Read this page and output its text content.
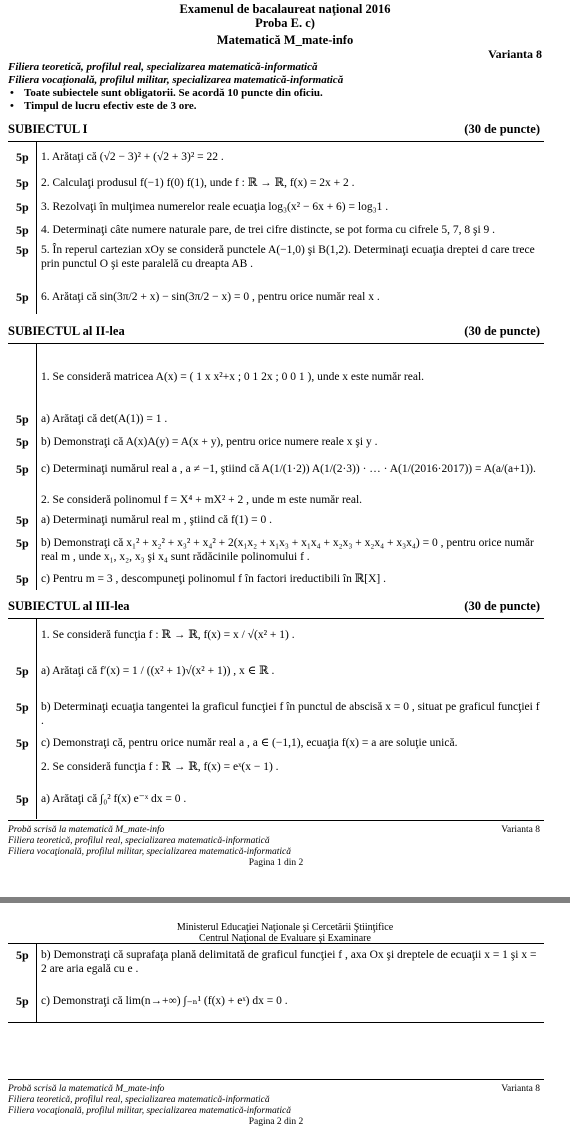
Examenul de bacalaureat naţional 2016
Proba E. c)
Matematică M_mate-info
Varianta 8
Filiera teoretică, profilul real, specializarea matematică-informatică
Filiera vocaţională, profilul militar, specializarea matematică-informatică
• Toate subiectele sunt obligatorii. Se acordă 10 puncte din oficiu.
• Timpul de lucru efectiv este de 3 ore.
SUBIECTUL I	(30 de puncte)
5p 1. Arătaţi că (√2 − 3)² + (√2 + 3)² = 22 .
5p 2. Calculaţi produsul f(−1) f(0) f(1), unde f : ℝ → ℝ, f(x) = 2x + 2 .
5p 3. Rezolvaţi în mulţimea numerelor reale ecuaţia log₃(x² − 6x + 6) = log₃1 .
5p 4. Determinaţi câte numere naturale pare, de trei cifre distincte, se pot forma cu cifrele 5, 7, 8 şi 9 .
5p 5. În reperul cartezian xOy se consideră punctele A(−1,0) şi B(1,2). Determinaţi ecuaţia dreptei d care trece prin punctul O şi este paralelă cu dreapta AB .
5p 6. Arătaţi că sin(3π/2 + x) − sin(3π/2 − x) = 0 , pentru orice număr real x .
SUBIECTUL al II-lea	(30 de puncte)
1. Se consideră matricea A(x) = ( 1 x x²+x ; 0 1 2x ; 0 0 1 ), unde x este număr real.
5p a) Arătaţi că det(A(1)) = 1 .
5p b) Demonstraţi că A(x)A(y) = A(x + y), pentru orice numere reale x şi y .
5p c) Determinaţi numărul real a , a ≠ −1, ştiind că A(1/(1·2)) A(1/(2·3)) · … · A(1/(2016·2017)) = A(a/(a+1)).
2. Se consideră polinomul f = X⁴ + mX² + 2 , unde m este număr real.
5p a) Determinaţi numărul real m , ştiind că f(1) = 0 .
5p b) Demonstraţi că x₁² + x₂² + x₃² + x₄² + 2(x₁x₂ + x₁x₃ + x₁x₄ + x₂x₃ + x₂x₄ + x₃x₄) = 0 , pentru orice număr real m , unde x₁, x₂, x₃ şi x₄ sunt rădăcinile polinomului f .
5p c) Pentru m = 3 , descompuneţi polinomul f în factori ireductibili în ℝ[X] .
SUBIECTUL al III-lea	(30 de puncte)
1. Se consideră funcţia f : ℝ → ℝ, f(x) = x / √(x² + 1) .
5p a) Arătaţi că f′(x) = 1 / ((x² + 1)√(x² + 1)) , x ∈ ℝ .
5p b) Determinaţi ecuaţia tangentei la graficul funcţiei f în punctul de abscisă x = 0 , situat pe graficul funcţiei f .
5p c) Demonstraţi că, pentru orice număr real a , a ∈ (−1,1), ecuaţia f(x) = a are soluţie unică.
2. Se consideră funcţia f : ℝ → ℝ, f(x) = eˣ(x − 1) .
5p a) Arătaţi că ∫₀² f(x) e⁻ˣ dx = 0 .
Probă scrisă la matematică M_mate-info	Varianta 8
Filiera teoretică, profilul real, specializarea matematică-informatică
Filiera vocaţională, profilul militar, specializarea matematică-informatică
Pagina 1 din 2
Ministerul Educaţiei Naţionale şi Cercetării Ştiinţifice
Centrul Naţional de Evaluare şi Examinare
5p b) Demonstraţi că suprafaţa plană delimitată de graficul funcţiei f , axa Ox şi dreptele de ecuaţii x = 1 şi x = 2 are aria egală cu e .
5p c) Demonstraţi că lim(n→+∞) ∫₋ₙ¹ (f(x) + eˣ) dx = 0 .
Probă scrisă la matematică M_mate-info	Varianta 8
Filiera teoretică, profilul real, specializarea matematică-informatică
Filiera vocaţională, profilul militar, specializarea matematică-informatică
Pagina 2 din 2
